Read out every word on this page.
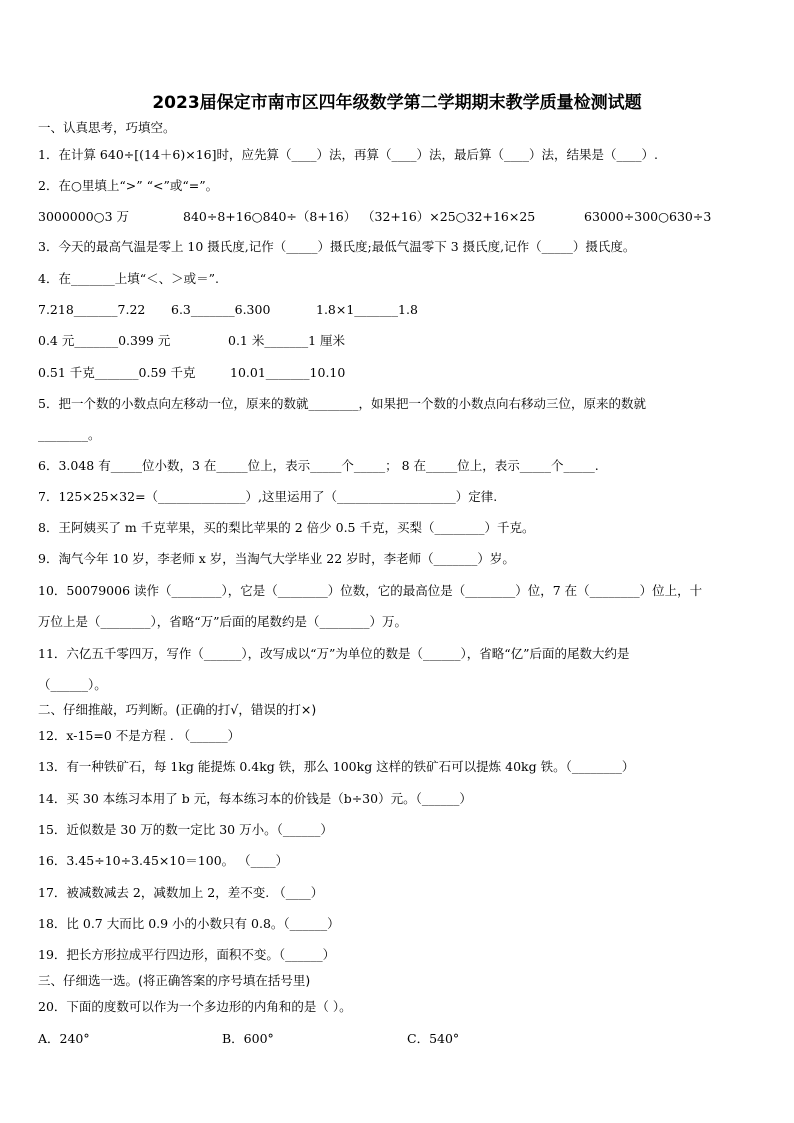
2023届保定市南市区四年级数学第二学期期末教学质量检测试题
一、认真思考，巧填空。
1．在计算 640÷[(14＋6)×16]时，应先算（____）法，再算（____）法，最后算（____）法，结果是（____）.
2．在○里填上“>” “<”或“=”。
3000000○3 万	840÷8+16○840÷（8+16） （32+16）×25○32+16×25	63000÷300○630÷3
3．今天的最高气温是零上 10 摄氏度,记作（_____）摄氏度;最低气温零下 3 摄氏度,记作（_____）摄氏度。
4．在_______上填“＜、＞或＝”.
7.218_______7.22 6.3_______6.300	1.8×1_______1.8
0.4 元_______0.399 元	0.1 米_______1 厘米
0.51 千克_______0.59 千克	10.01_______10.10
5．把一个数的小数点向左移动一位，原来的数就________，如果把一个数的小数点向右移动三位，原来的数就
________。
6．3.048 有_____位小数，3 在_____位上，表示_____个_____； 8 在_____位上，表示_____个_____.
7．125×25×32=（______________）,这里运用了（___________________）定律.
8．王阿姨买了 m 千克苹果，买的梨比苹果的 2 倍少 0.5 千克，买梨（________）千克。
9．淘气今年 10 岁，李老师 x 岁，当淘气大学毕业 22 岁时，李老师（_______）岁。
10．50079006 读作（________），它是（________）位数，它的最高位是（________）位，7 在（________）位上，十
万位上是（________），省略“万”后面的尾数约是（________）万。
11．六亿五千零四万，写作（______），改写成以“万”为单位的数是（______），省略“亿”后面的尾数大约是
（______）。
二、仔细推敲，巧判断。(正确的打√，错误的打×)
12．x-15=0 不是方程 . （______）
13．有一种铁矿石，每 1kg 能提炼 0.4kg 铁，那么 100kg 这样的铁矿石可以提炼 40kg 铁。（________）
14．买 30 本练习本用了 b 元，每本练习本的价钱是（b÷30）元。（______）
15．近似数是 30 万的数一定比 30 万小。（______）
16．3.45÷10÷3.45×10＝100。 （____）
17．被减数减去 2，减数加上 2，差不变. （____）
18．比 0.7 大而比 0.9 小的小数只有 0.8。（______）
19．把长方形拉成平行四边形，面积不变。（______）
三、仔细选一选。(将正确答案的序号填在括号里)
20．下面的度数可以作为一个多边形的内角和的是（ ）。
A．240°	B．600°	C．540°
